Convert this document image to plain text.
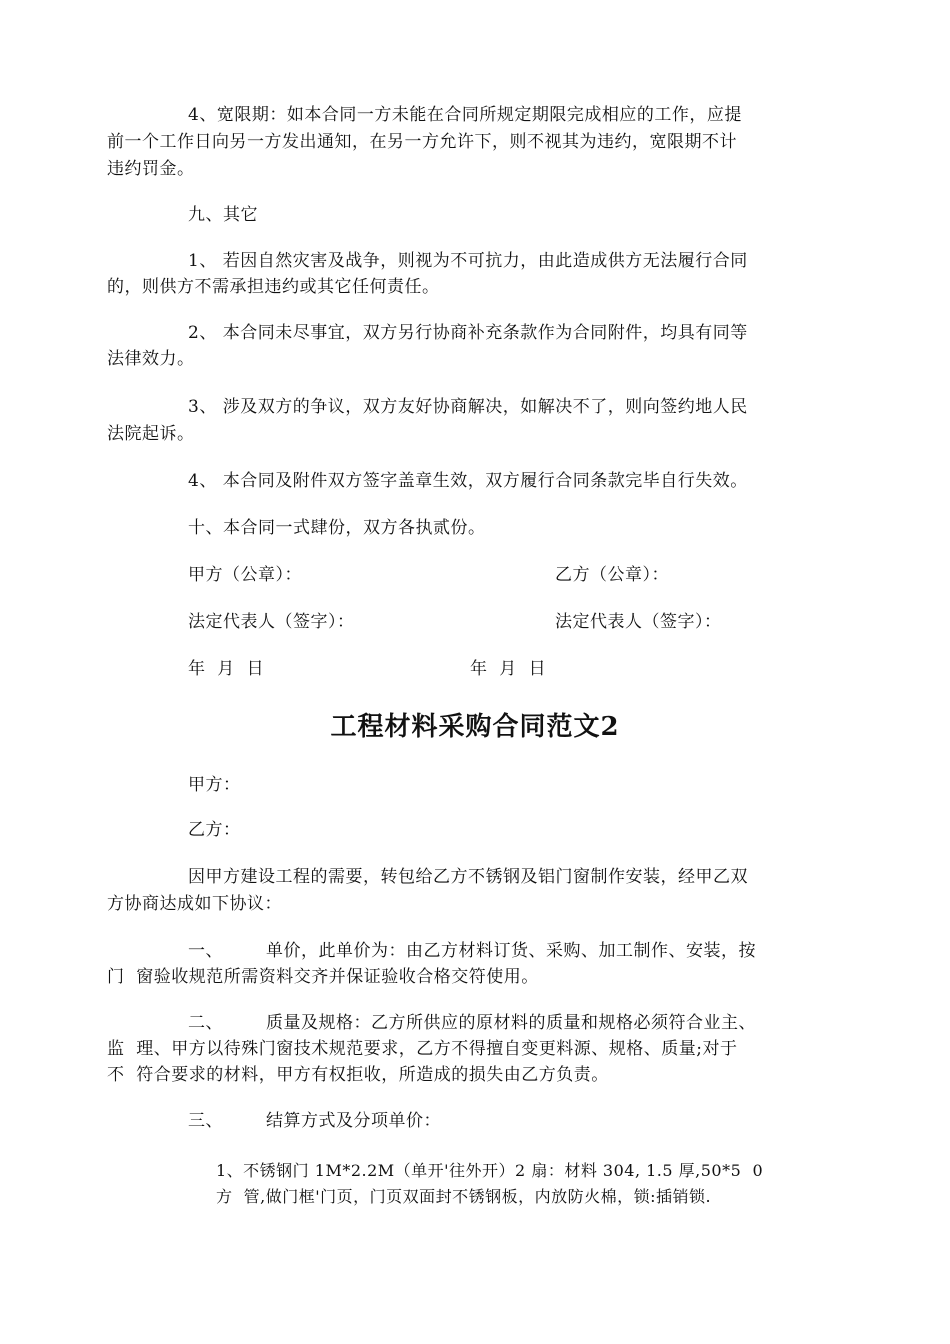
4、宽限期：如本合同一方未能在合同所规定期限完成相应的工作，应提
前一个工作日向另一方发出通知，在另一方允许下，则不视其为违约，宽限期不计
违约罚金。
九、其它
1、 若因自然灾害及战争，则视为不可抗力，由此造成供方无法履行合同
的，则供方不需承担违约或其它任何责任。
2、 本合同未尽事宜，双方另行协商补充条款作为合同附件，均具有同等
法律效力。
3、 涉及双方的争议，双方友好协商解决，如解决不了，则向签约地人民
法院起诉。
4、 本合同及附件双方签字盖章生效，双方履行合同条款完毕自行失效。
十、本合同一式肆份，双方各执贰份。
甲方（公章）：	乙方（公章）：
法定代表人（签字）：	法定代表人（签字）：
年  月  日	年  月  日
工程材料采购合同范文2
甲方：
乙方：
因甲方建设工程的需要，转包给乙方不锈钢及铝门窗制作安装，经甲乙双
方协商达成如下协议：
一、	单价，此单价为：由乙方材料订货、采购、加工制作、安装，按
门  窗验收规范所需资料交齐并保证验收合格交符使用。
二、	质量及规格：乙方所供应的原材料的质量和规格必须符合业主、
监  理、甲方以待殊门窗技术规范要求，乙方不得擅自变更料源、规格、质量;对于
不  符合要求的材料，甲方有权拒收，所造成的损失由乙方负责。
三、	结算方式及分项单价：
1、不锈钢门 1M*2.2M（单开'往外开）2 扇：材料 304, 1.5 厚,50*5  0
方  管,做门框'门页，门页双面封不锈钢板，内放防火棉，锁:插销锁.
